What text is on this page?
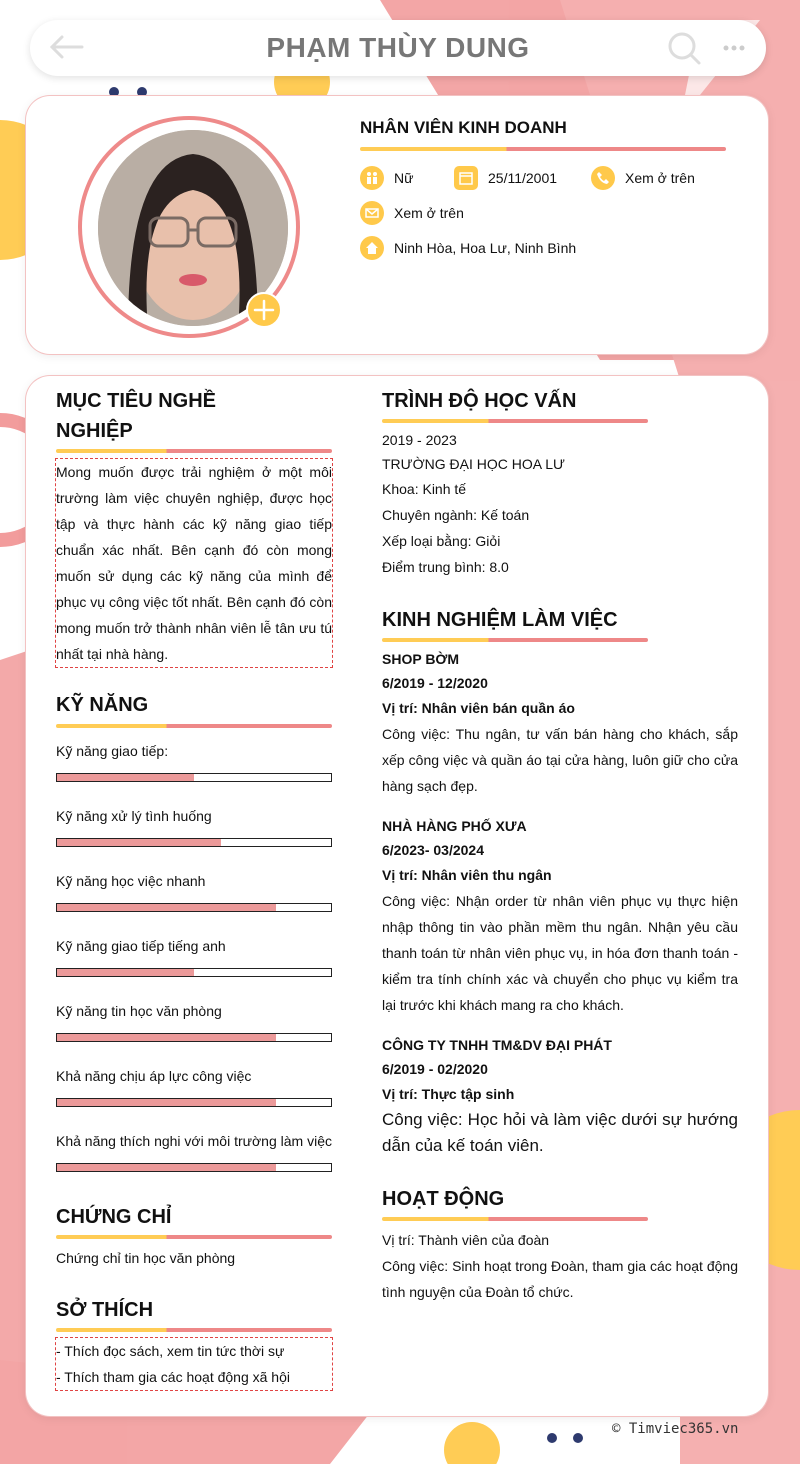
PHẠM THÙY DUNG
NHÂN VIÊN KINH DOANH
Nữ	25/11/2001	Xem ở trên
Xem ở trên
Ninh Hòa, Hoa Lư, Ninh Bình
MỤC TIÊU NGHỀ
NGHIỆP
Mong muốn được trải nghiệm ở một môi trường làm việc chuyên nghiệp, được học tập và thực hành các kỹ năng giao tiếp chuẩn xác nhất. Bên cạnh đó còn mong muốn sử dụng các kỹ năng của mình để phục vụ công việc tốt nhất. Bên cạnh đó còn mong muốn trở thành nhân viên lễ tân ưu tú nhất tại nhà hàng.
KỸ NĂNG
Kỹ năng giao tiếp:
Kỹ năng xử lý tình huống
Kỹ năng học việc nhanh
Kỹ năng giao tiếp tiếng anh
Kỹ năng tin học văn phòng
Khả năng chịu áp lực công việc
Khả năng thích nghi với môi trường làm việc
CHỨNG CHỈ
Chứng chỉ tin học văn phòng
SỞ THÍCH
- Thích đọc sách, xem tin tức thời sự
- Thích tham gia các hoạt động xã hội
TRÌNH ĐỘ HỌC VẤN
2019 - 2023
TRƯỜNG ĐẠI HỌC HOA LƯ
Khoa: Kinh tế
Chuyên ngành: Kế toán
Xếp loại bằng: Giỏi
Điểm trung bình: 8.0
KINH NGHIỆM LÀM VIỆC
SHOP BỜM
6/2019 - 12/2020
Vị trí: Nhân viên bán quần áo
Công việc: Thu ngân, tư vấn bán hàng cho khách, sắp xếp công việc và quần áo tại cửa hàng, luôn giữ cho cửa hàng sạch đẹp.
NHÀ HÀNG PHỐ XƯA
6/2023- 03/2024
Vị trí: Nhân viên thu ngân
Công việc: Nhận order từ nhân viên phục vụ thực hiện nhập thông tin vào phần mềm thu ngân. Nhận yêu cầu thanh toán từ nhân viên phục vụ, in hóa đơn thanh toán - kiểm tra tính chính xác và chuyển cho phục vụ kiểm tra lại trước khi khách mang ra cho khách.
CÔNG TY TNHH TM&DV ĐẠI PHÁT
6/2019 - 02/2020
Vị trí: Thực tập sinh
Công việc: Học hỏi và làm việc dưới sự hướng dẫn của kế toán viên.
HOẠT ĐỘNG
Vị trí: Thành viên của đoàn
Công việc: Sinh hoạt trong Đoàn, tham gia các hoạt động tình nguyện của Đoàn tổ chức.
© Timviec365.vn
